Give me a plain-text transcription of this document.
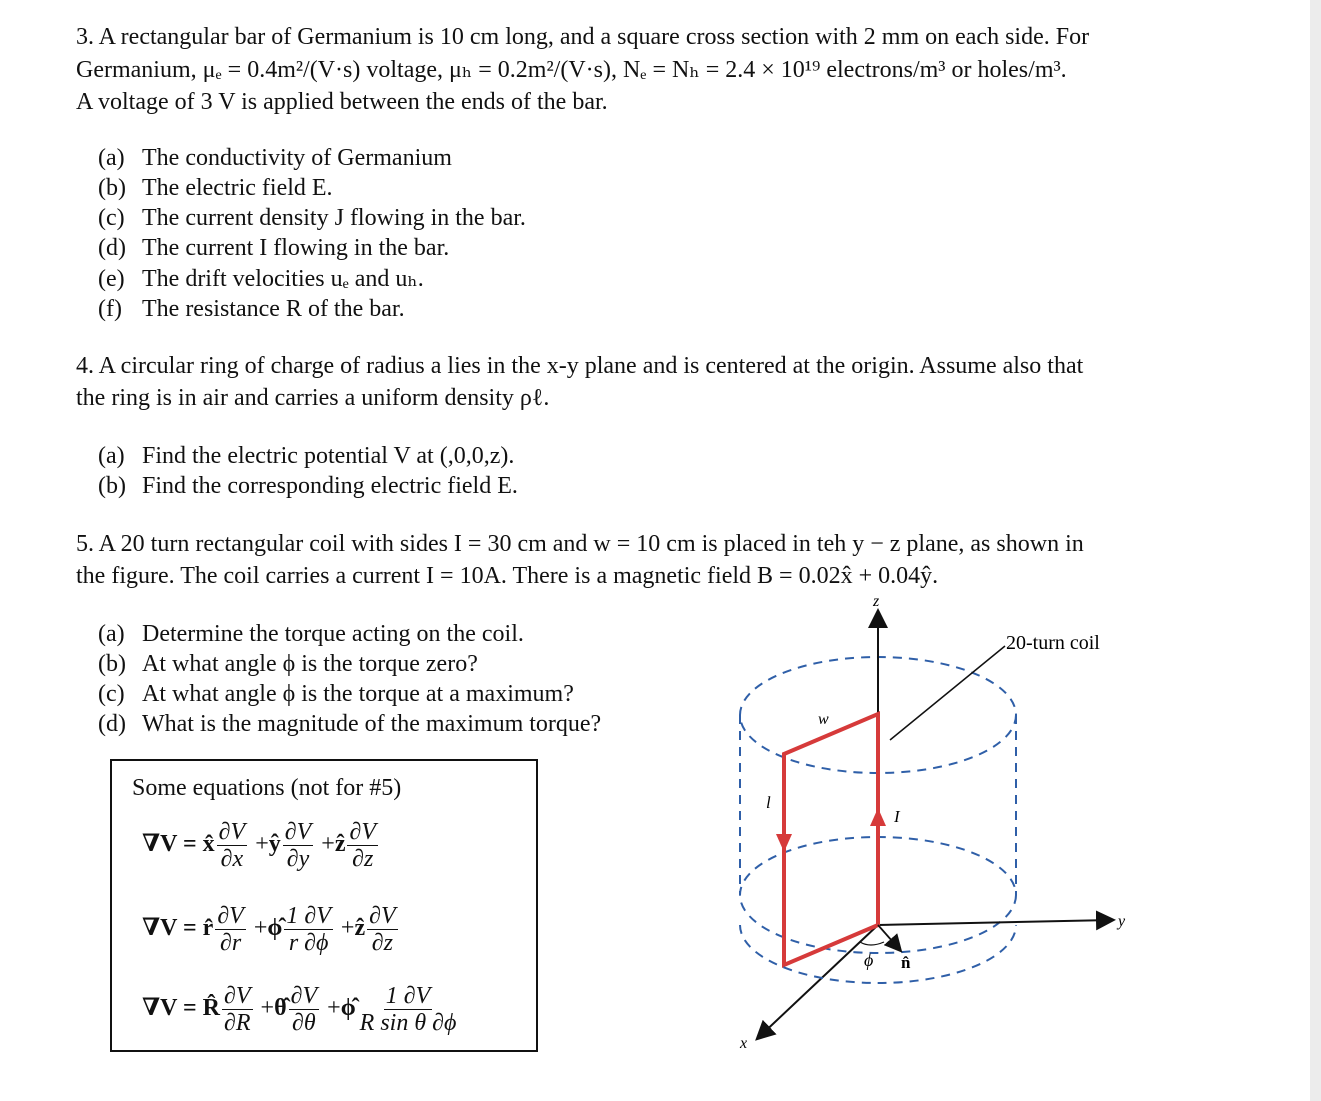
3. A rectangular bar of Germanium is 10 cm long, and a square cross section with 2 mm on each side. For
Germanium, μₑ = 0.4m²/(V·s) voltage, μₕ = 0.2m²/(V·s), Nₑ = Nₕ = 2.4 × 10¹⁹ electrons/m³ or holes/m³.
A voltage of 3 V is applied between the ends of the bar.
(a) The conductivity of Germanium
(b) The electric field E.
(c) The current density J flowing in the bar.
(d) The current I flowing in the bar.
(e) The drift velocities uₑ and uₕ.
(f) The resistance R of the bar.
4. A circular ring of charge of radius a lies in the x-y plane and is centered at the origin. Assume also that
the ring is in air and carries a uniform density ρℓ.
(a) Find the electric potential V at (,0,0,z).
(b) Find the corresponding electric field E.
5. A 20 turn rectangular coil with sides I = 30 cm and w = 10 cm is placed in teh y − z plane, as shown in
the figure. The coil carries a current I = 10A. There is a magnetic field B = 0.02x̂ + 0.04ŷ.
(a) Determine the torque acting on the coil.
(b) At what angle ϕ is the torque zero?
(c) At what angle ϕ is the torque at a maximum?
(d) What is the magnitude of the maximum torque?
Some equations (not for #5)
∇V = x̂ $\frac{\partial V}{\partial x}$ +ŷ $\frac{\partial V}{\partial y}$ +ẑ $\frac{\partial V}{\partial z}$
∇V = r̂ $\frac{\partial V}{\partial r}$ +ϕ̂ $\frac{1 \partial V}{r \partial\phi}$ +ẑ $\frac{\partial V}{\partial z}$
∇V = R̂ $\frac{\partial V}{\partial R}$ +θ̂ $\frac{\partial V}{\partial\theta}$ +ϕ̂ $\frac{1 \partial V}{\text{R sin θ ∂ϕ}}$
z
y
x
20-turn coil
w
l
I
ϕ n̂
